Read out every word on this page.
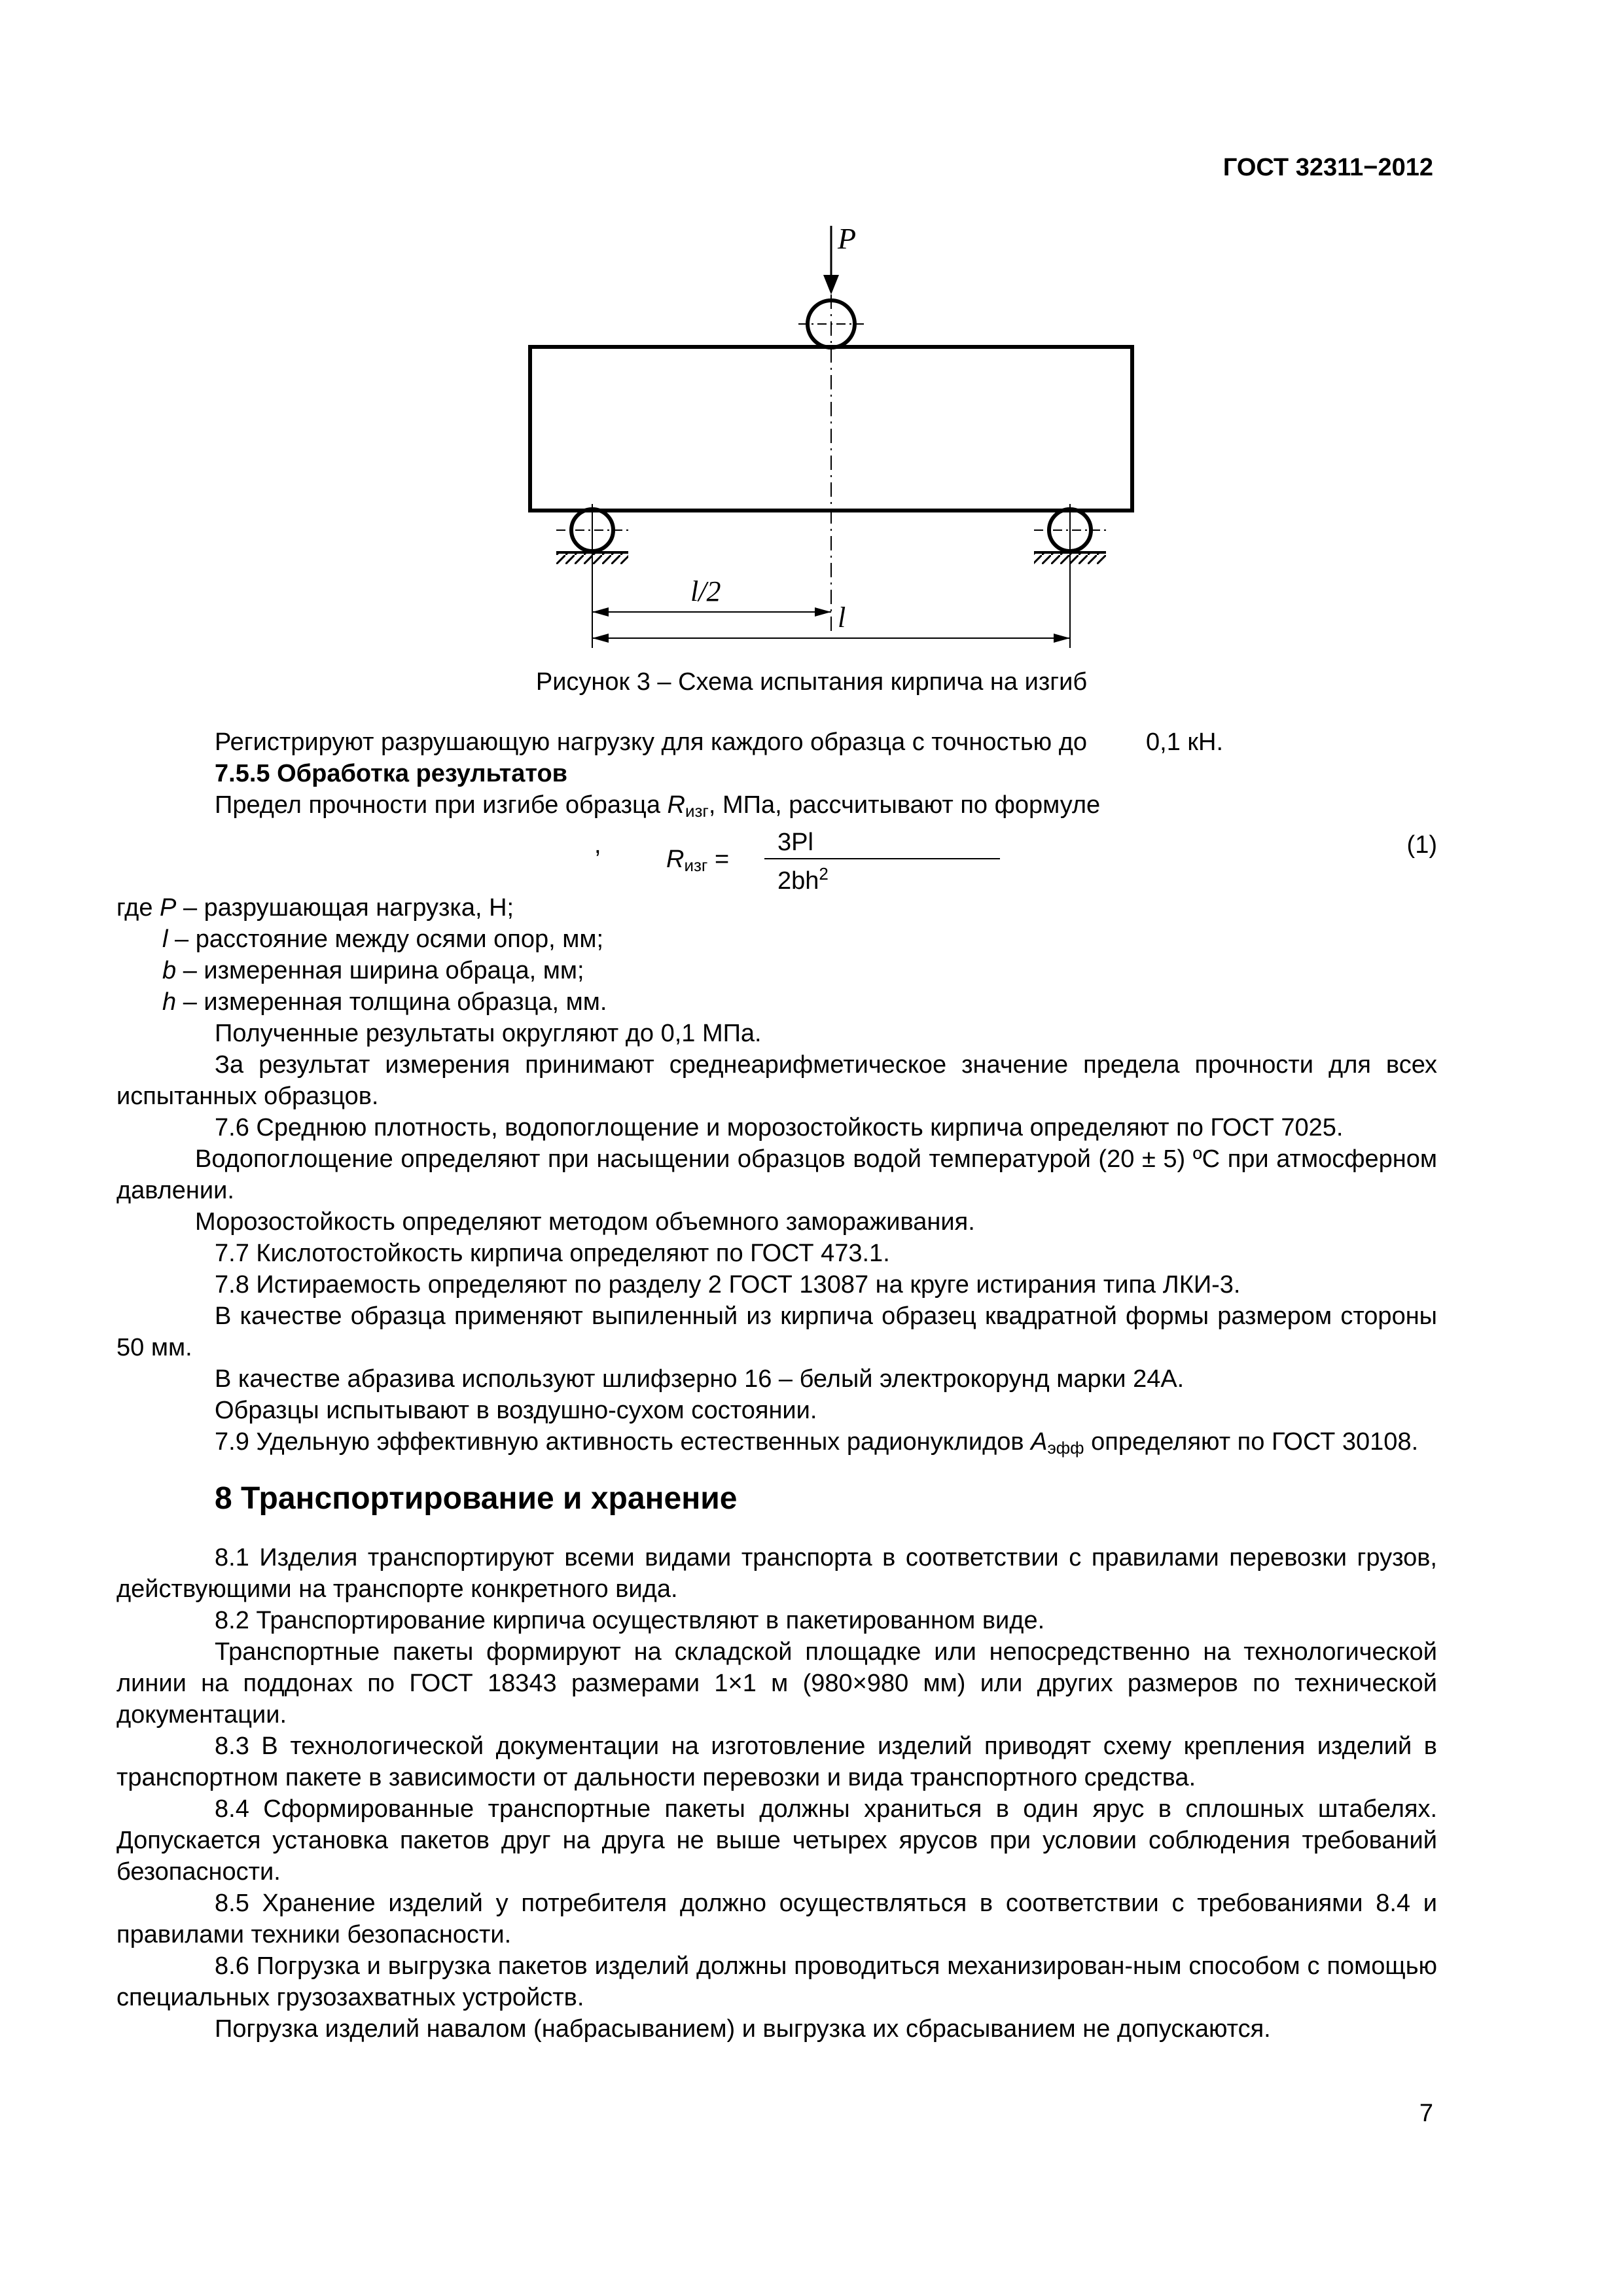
ГОСТ 32311−2012
P
l/2
l
Рисунок 3 – Схема испытания кирпича на изгиб

Регистрируют разрушающую нагрузку для каждого образца с точностью до 0,1 кН.

7.5.5 Обработка результатов

Предел прочности при изгибе образца $R_{изг}$, МПа, рассчитывают по формуле

,
$R_{изг}$ =
3Pl
$2bh^2$
(1)

где P – разрушающая нагрузка, Н;

l – расстояние между осями опор, мм;

b – измеренная ширина обраца, мм;

h – измеренная толщина образца, мм.

Полученные результаты округляют до 0,1 МПа.

За результат измерения принимают среднеарифметическое значение предела прочности для всех испытанных образцов.

7.6 Среднюю плотность, водопоглощение и морозостойкость кирпича определяют по ГОСТ 7025.

Водопоглощение определяют при насыщении образцов водой температурой (20 ± 5) ºС при атмосферном давлении.

Морозостойкость определяют методом объемного замораживания.

7.7 Кислотостойкость кирпича определяют по ГОСТ 473.1.

7.8 Истираемость определяют по разделу 2 ГОСТ 13087 на круге истирания типа ЛКИ-3.

В качестве образца применяют выпиленный из кирпича образец квадратной формы размером стороны 50 мм.

В качестве абразива используют шлифзерно 16 – белый электрокорунд марки 24А.

Образцы испытывают в воздушно-сухом состоянии.

7.9 Удельную эффективную активность естественных радионуклидов $А_{эфф}$ определяют по ГОСТ 30108.

8 Транспортирование и хранение

8.1 Изделия транспортируют всеми видами транспорта в соответствии с правилами перевозки грузов, действующими на транспорте конкретного вида.

8.2 Транспортирование кирпича осуществляют в пакетированном виде.

Транспортные пакеты формируют на складской площадке или непосредственно на технологической линии на поддонах по ГОСТ 18343 размерами 1×1 м (980×980 мм) или других размеров по технической документации.

8.3 В технологической документации на изготовление изделий приводят схему крепления изделий в транспортном пакете в зависимости от дальности перевозки и вида транспортного средства.

8.4 Сформированные транспортные пакеты должны храниться в один ярус в сплошных штабелях. Допускается установка пакетов друг на друга не выше четырех ярусов при условии соблюдения требований безопасности.

8.5 Хранение изделий у потребителя должно осуществляться в соответствии с требованиями 8.4 и правилами техники безопасности.

8.6 Погрузка и выгрузка пакетов изделий должны проводиться механизирован-ным способом с помощью специальных грузозахватных устройств.

Погрузка изделий навалом (набрасыванием) и выгрузка их сбрасыванием не допускаются.

7
